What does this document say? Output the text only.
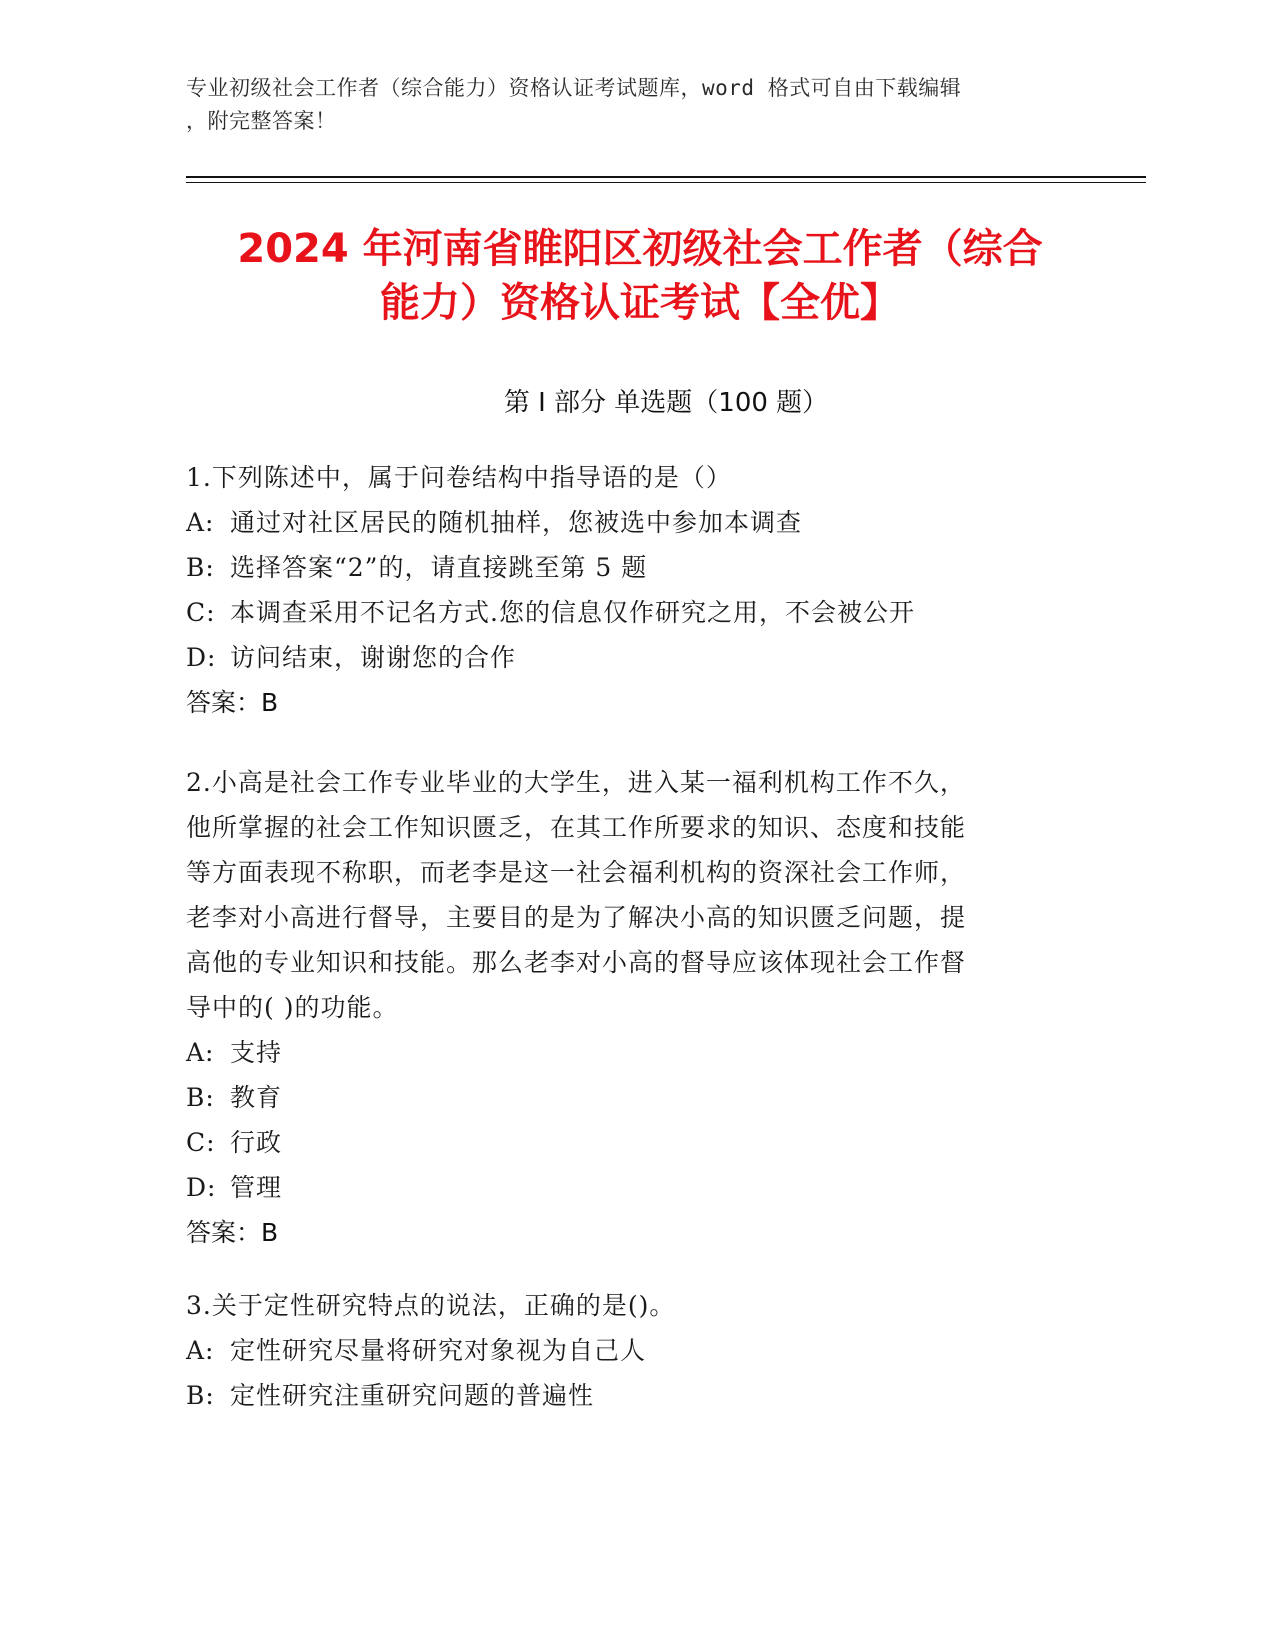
专业初级社会工作者（综合能力）资格认证考试题库，word 格式可自由下载编辑
，附完整答案！
2024 年河南省睢阳区初级社会工作者（综合
能力）资格认证考试【全优】
第 I 部分 单选题（100 题）
1.下列陈述中，属于问卷结构中指导语的是（）
A: 通过对社区居民的随机抽样，您被选中参加本调查
B: 选择答案“2”的，请直接跳至第 5 题
C: 本调查采用不记名方式.您的信息仅作研究之用，不会被公开
D: 访问结束，谢谢您的合作
答案：B
2.小高是社会工作专业毕业的大学生，进入某一福利机构工作不久，
他所掌握的社会工作知识匮乏，在其工作所要求的知识、态度和技能
等方面表现不称职，而老李是这一社会福利机构的资深社会工作师，
老李对小高进行督导，主要目的是为了解决小高的知识匮乏问题，提
高他的专业知识和技能。那么老李对小高的督导应该体现社会工作督
导中的( )的功能。
A: 支持
B: 教育
C: 行政
D: 管理
答案：B
3.关于定性研究特点的说法，正确的是()。
A: 定性研究尽量将研究对象视为自己人
B: 定性研究注重研究问题的普遍性
